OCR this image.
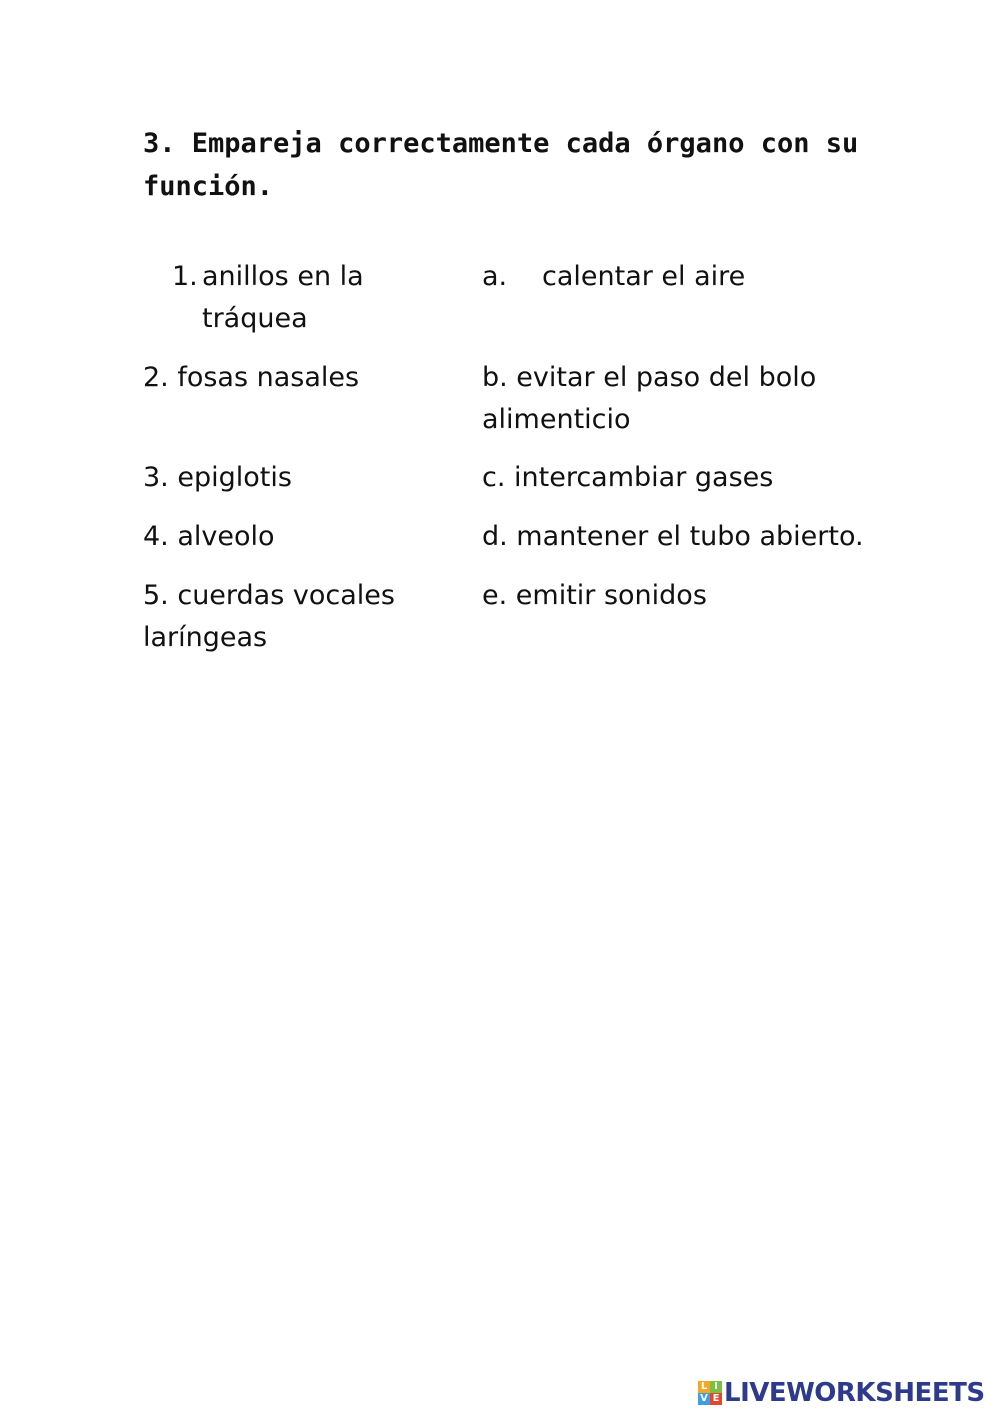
3. Empareja correctamente cada órgano con su función.
1. anillos en la
tráquea
2. fosas nasales
3. epiglotis
4. alveolo
5. cuerdas vocales
laríngeas
a. calentar el aire
b. evitar el paso del bolo
alimenticio
c. intercambiar gases
d. mantener el tubo abierto.
e. emitir sonidos
L I
V E LIVEWORKSHEETS
